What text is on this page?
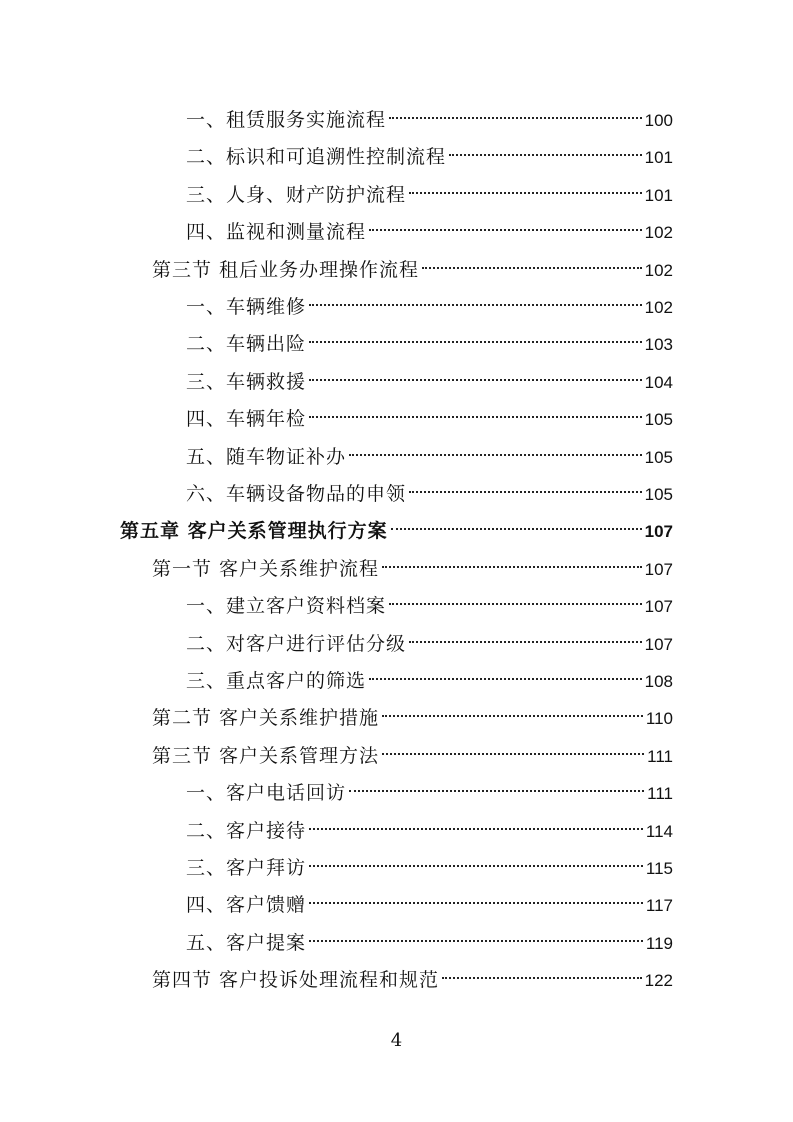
一、租赁服务实施流程	100
二、标识和可追溯性控制流程	101
三、人身、财产防护流程	101
四、监视和测量流程	102
第三节 租后业务办理操作流程	102
一、车辆维修	102
二、车辆出险	103
三、车辆救援	104
四、车辆年检	105
五、随车物证补办	105
六、车辆设备物品的申领	105
第五章 客户关系管理执行方案	107
第一节 客户关系维护流程	107
一、建立客户资料档案	107
二、对客户进行评估分级	107
三、重点客户的筛选	108
第二节 客户关系维护措施	110
第三节 客户关系管理方法	111
一、客户电话回访	111
二、客户接待	114
三、客户拜访	115
四、客户馈赠	117
五、客户提案	119
第四节 客户投诉处理流程和规范	122
4
